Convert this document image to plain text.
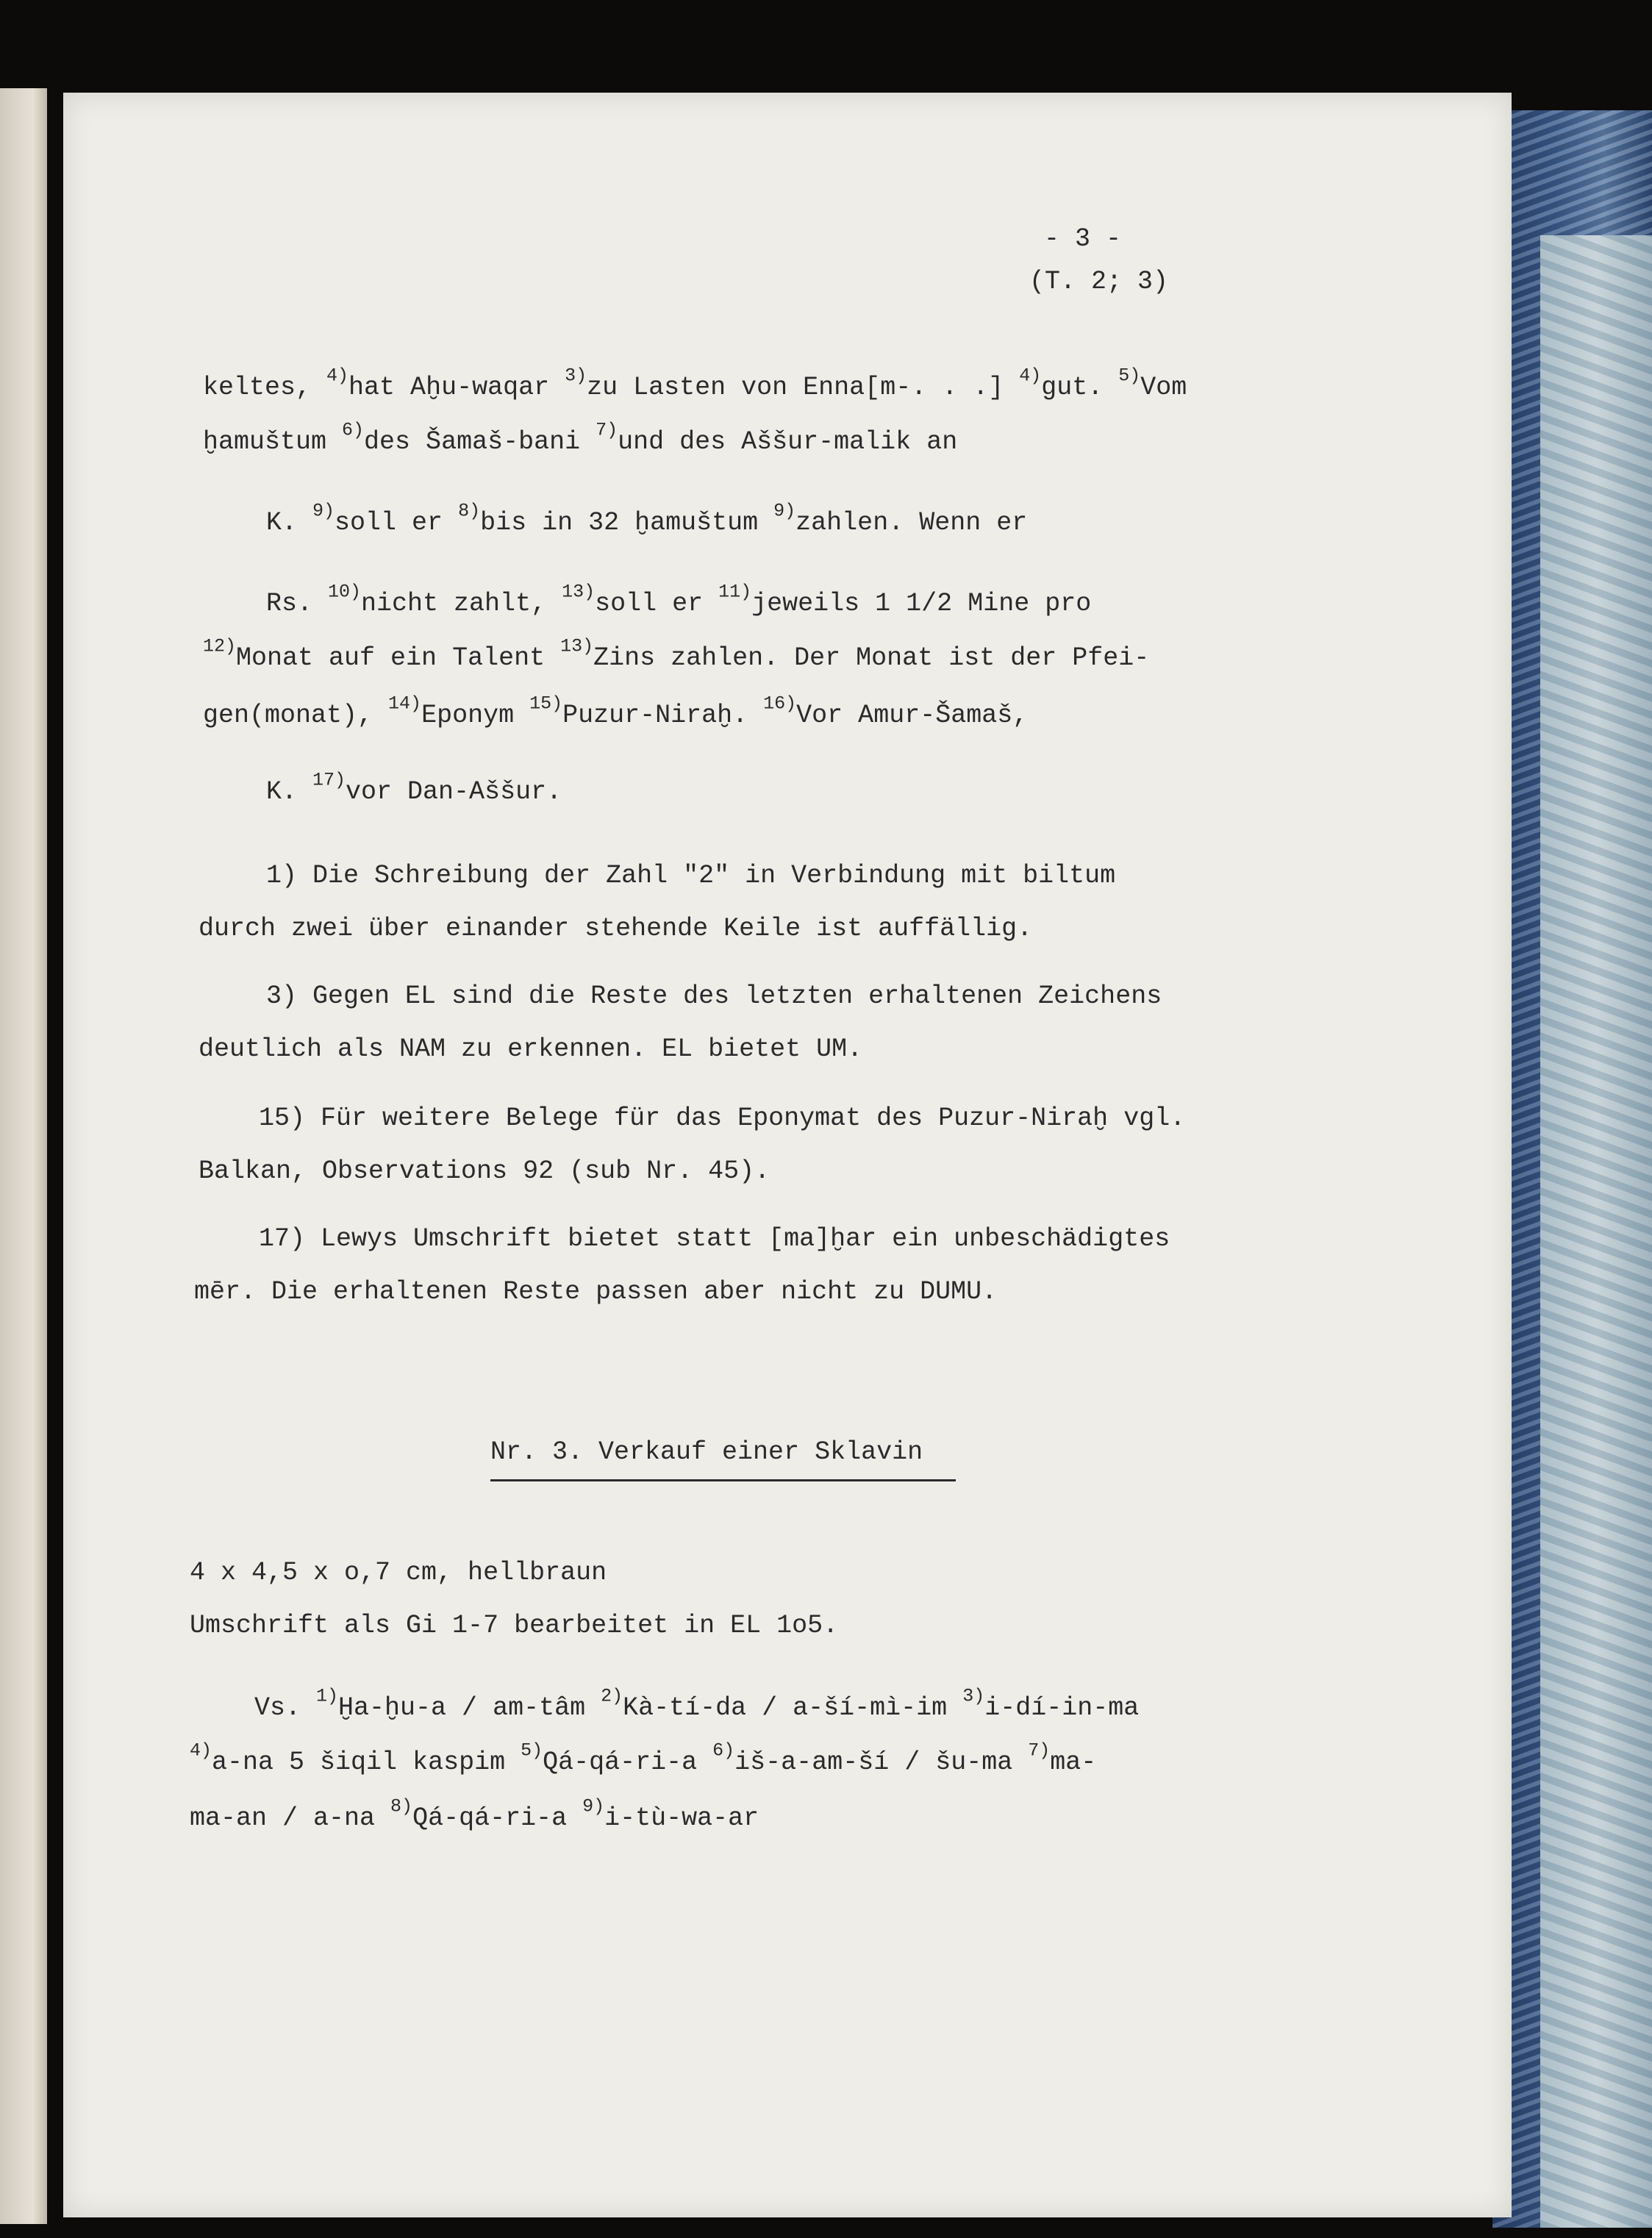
- 3 -
(T. 2; 3)
keltes, $^{4)}$hat Aḫu-waqar $^{3)}$zu Lasten von Enna[m-. . .] $^{4)}$gut. $^{5)}$Vom
ḫamuštum $^{6)}$des Šamaš-bani $^{7)}$und des Aššur-malik an
K. $^{9)}$soll er $^{8)}$bis in 32 ḫamuštum $^{9)}$zahlen. Wenn er
Rs. $^{10)}$nicht zahlt, $^{13)}$soll er $^{11)}$jeweils 1 1/2 Mine pro
$^{12)}$Monat auf ein Talent $^{13)}$Zins zahlen. Der Monat ist der Pfei-
gen(monat), $^{14)}$Eponym $^{15)}$Puzur-Niraḫ. $^{16)}$Vor Amur-Šamaš,
K. $^{17)}$vor Dan-Aššur.
1) Die Schreibung der Zahl "2" in Verbindung mit biltum
durch zwei über einander stehende Keile ist auffällig.
3) Gegen EL sind die Reste des letzten erhaltenen Zeichens
deutlich als NAM zu erkennen. EL bietet UM.
15) Für weitere Belege für das Eponymat des Puzur-Niraḫ vgl.
Balkan, Observations 92 (sub Nr. 45).
17) Lewys Umschrift bietet statt [ma]ḫar ein unbeschädigtes
mēr. Die erhaltenen Reste passen aber nicht zu DUMU.
Nr. 3. Verkauf einer Sklavin
4 x 4,5 x o,7 cm, hellbraun
Umschrift als Gi 1-7 bearbeitet in EL 1o5.
Vs. $^{1)}$Ḫa-ḫu-a / am-tâm $^{2)}$Kà-tí-da / a-ší-mì-im $^{3)}$i-dí-in-ma
$^{4)}$a-na 5 šiqil kaspim $^{5)}$Qá-qá-ri-a $^{6)}$iš-a-am-ší / šu-ma $^{7)}$ma-
ma-an / a-na $^{8)}$Qá-qá-ri-a $^{9)}$i-tù-wa-ar
